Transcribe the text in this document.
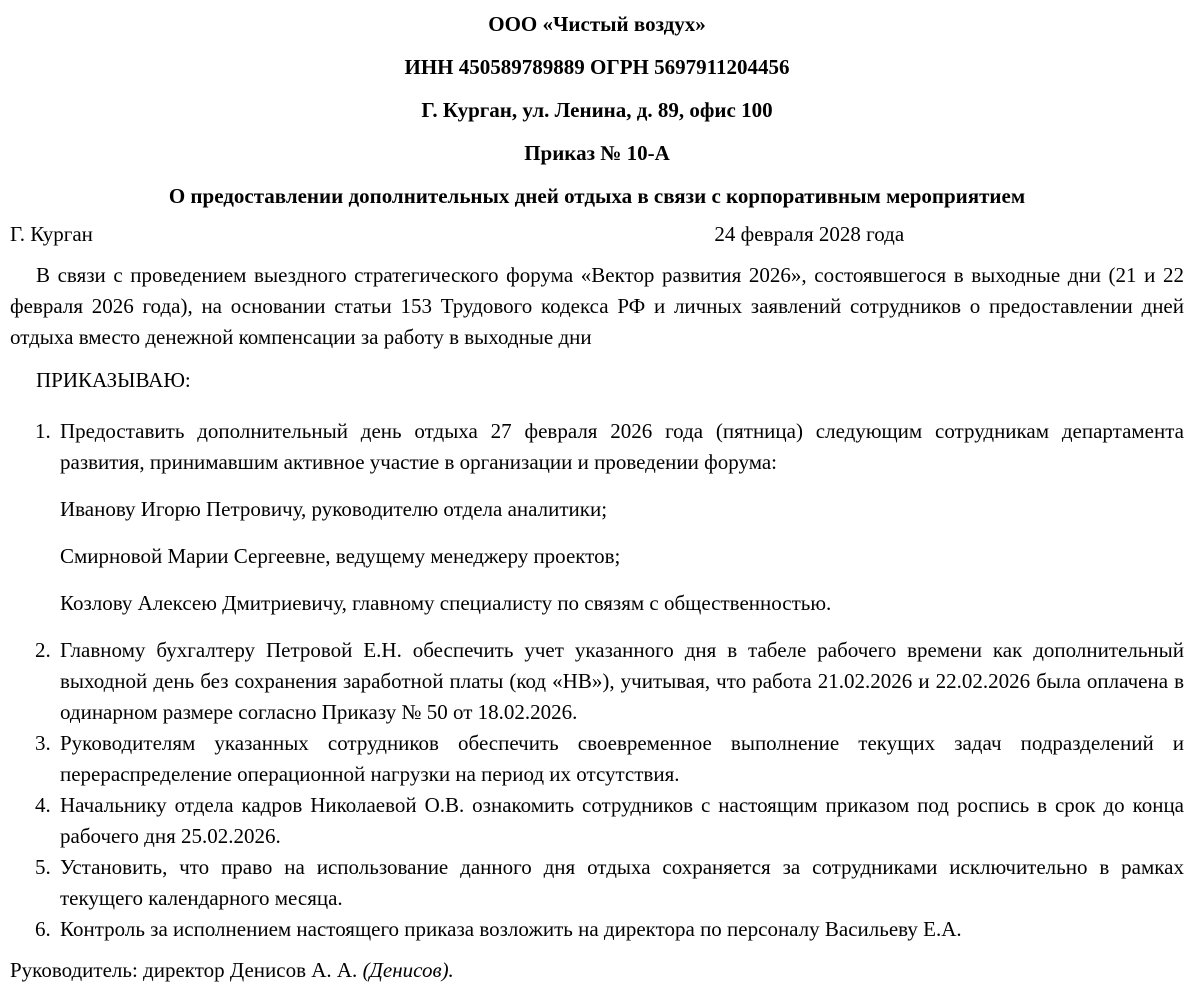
ООО «Чистый воздух»
ИНН 450589789889 ОГРН 5697911204456
Г. Курган, ул. Ленина, д. 89, офис 100
Приказ № 10-А
О предоставлении дополнительных дней отдыха в связи с корпоративным мероприятием
Г. Курган	24 февраля 2028 года
В связи с проведением выездного стратегического форума «Вектор развития 2026», состоявшегося в выходные дни (21 и 22 февраля 2026 года), на основании статьи 153 Трудового кодекса РФ и личных заявлений сотрудников о предоставлении дней отдыха вместо денежной компенсации за работу в выходные дни
ПРИКАЗЫВАЮ:
1. Предоставить дополнительный день отдыха 27 февраля 2026 года (пятница) следующим сотрудникам департамента развития, принимавшим активное участие в организации и проведении форума:
Иванову Игорю Петровичу, руководителю отдела аналитики;
Смирновой Марии Сергеевне, ведущему менеджеру проектов;
Козлову Алексею Дмитриевичу, главному специалисту по связям с общественностью.
2. Главному бухгалтеру Петровой Е.Н. обеспечить учет указанного дня в табеле рабочего времени как дополнительный выходной день без сохранения заработной платы (код «НВ»), учитывая, что работа 21.02.2026 и 22.02.2026 была оплачена в одинарном размере согласно Приказу № 50 от 18.02.2026.
3. Руководителям указанных сотрудников обеспечить своевременное выполнение текущих задач подразделений и перераспределение операционной нагрузки на период их отсутствия.
4. Начальнику отдела кадров Николаевой О.В. ознакомить сотрудников с настоящим приказом под роспись в срок до конца рабочего дня 25.02.2026.
5. Установить, что право на использование данного дня отдыха сохраняется за сотрудниками исключительно в рамках текущего календарного месяца.
6. Контроль за исполнением настоящего приказа возложить на директора по персоналу Васильеву Е.А.
Руководитель: директор Денисов А. А. (Денисов).
